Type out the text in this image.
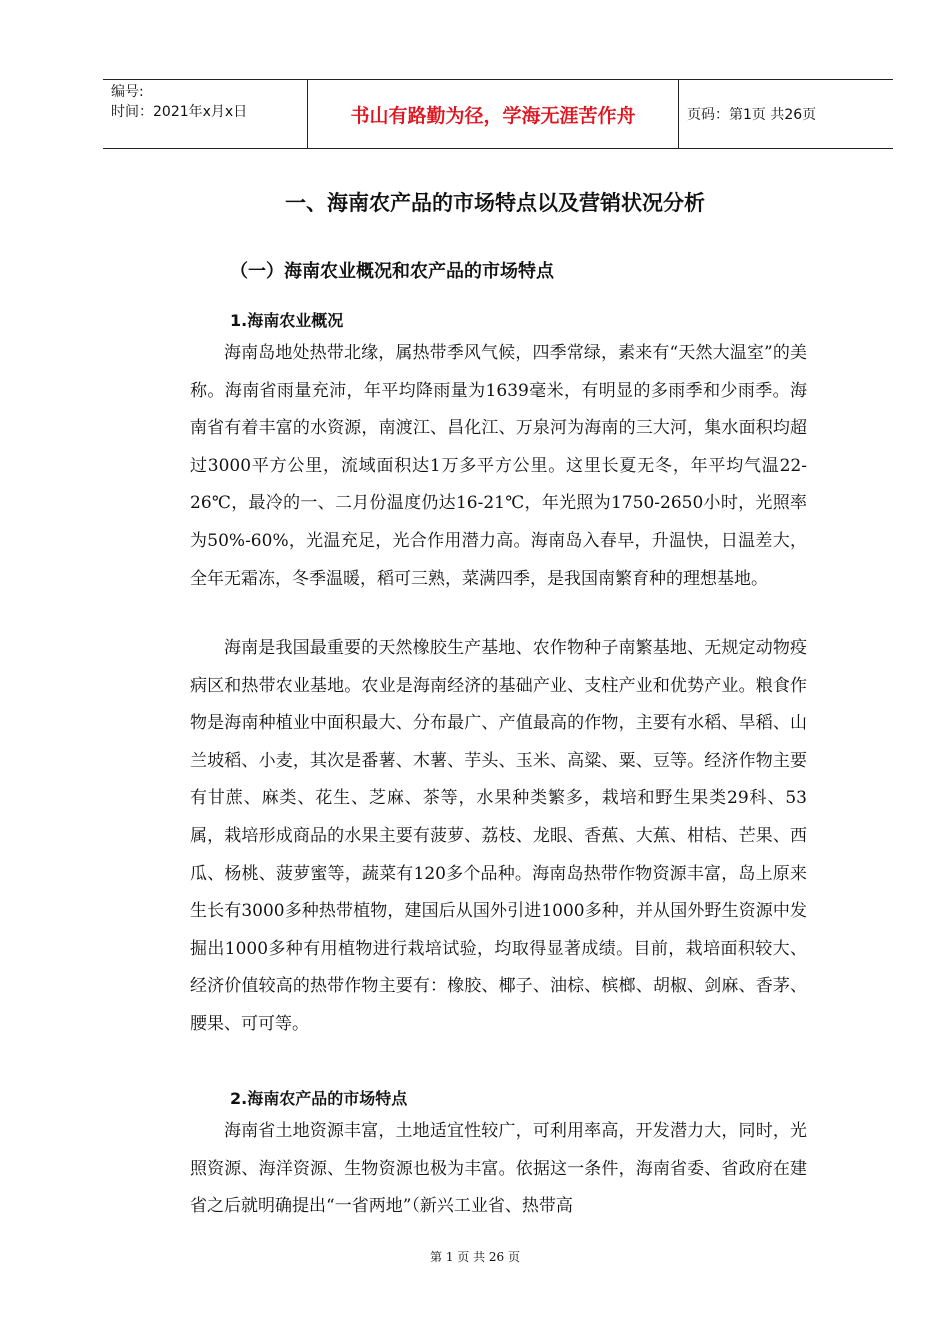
编号:
时间：2021年x月x日	书山有路勤为径，学海无涯苦作舟	页码：第1页 共26页
一、海南农产品的市场特点以及营销状况分析
（一）海南农业概况和农产品的市场特点
1.海南农业概况

海南岛地处热带北缘，属热带季风气候，四季常绿，素来有“天然大温室”的美称。海南省雨量充沛，年平均降雨量为1639毫米，有明显的多雨季和少雨季。海南省有着丰富的水资源，南渡江、昌化江、万泉河为海南的三大河，集水面积均超过3000平方公里，流域面积达1万多平方公里。这里长夏无冬，年平均气温22-26℃，最冷的一、二月份温度仍达16-21℃，年光照为1750-2650小时，光照率为50%-60%，光温充足，光合作用潜力高。海南岛入春早，升温快，日温差大，全年无霜冻，冬季温暖，稻可三熟，菜满四季，是我国南繁育种的理想基地。

海南是我国最重要的天然橡胶生产基地、农作物种子南繁基地、无规定动物疫病区和热带农业基地。农业是海南经济的基础产业、支柱产业和优势产业。粮食作物是海南种植业中面积最大、分布最广、产值最高的作物，主要有水稻、旱稻、山兰坡稻、小麦，其次是番薯、木薯、芋头、玉米、高粱、粟、豆等。经济作物主要有甘蔗、麻类、花生、芝麻、茶等，水果种类繁多，栽培和野生果类29科、53属，栽培形成商品的水果主要有菠萝、荔枝、龙眼、香蕉、大蕉、柑桔、芒果、西瓜、杨桃、菠萝蜜等，蔬菜有120多个品种。海南岛热带作物资源丰富，岛上原来生长有3000多种热带植物，建国后从国外引进1000多种，并从国外野生资源中发掘出1000多种有用植物进行栽培试验，均取得显著成绩。目前，栽培面积较大、经济价值较高的热带作物主要有：橡胶、椰子、油棕、槟榔、胡椒、剑麻、香茅、腰果、可可等。

2.海南农产品的市场特点

海南省土地资源丰富，土地适宜性较广，可利用率高，开发潜力大，同时，光照资源、海洋资源、生物资源也极为丰富。依据这一条件，海南省委、省政府在建省之后就明确提出“一省两地”（新兴工业省、热带高

第 1 页 共 26 页
